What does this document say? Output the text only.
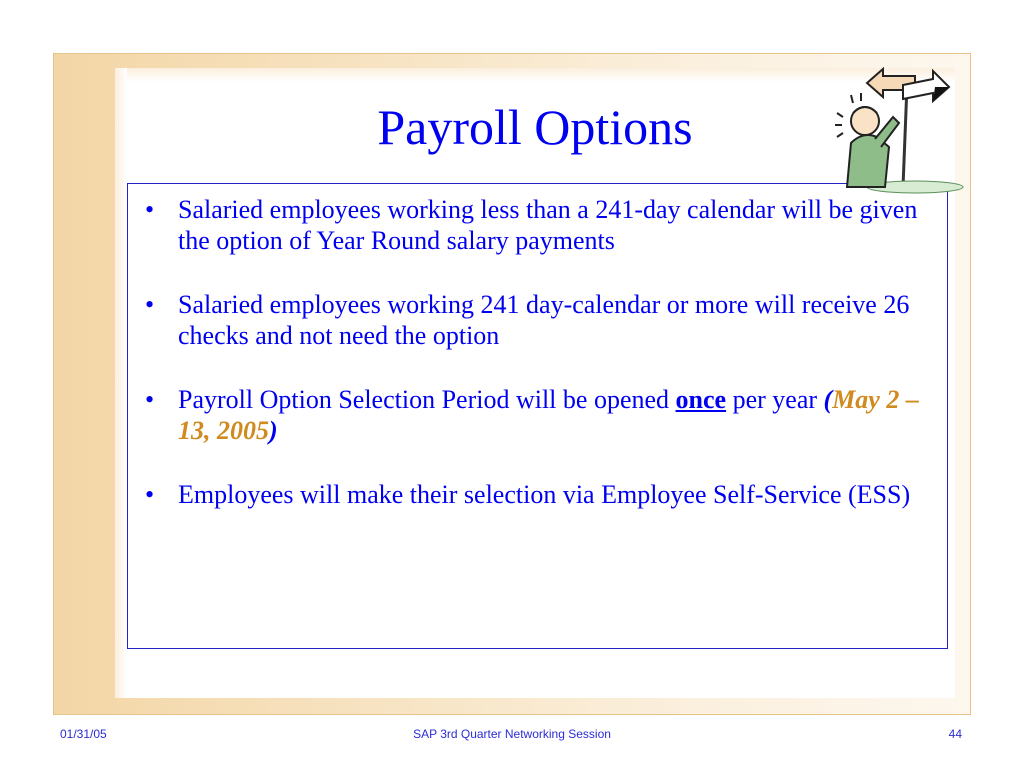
Payroll Options
• Salaried employees working less than a 241-day calendar will be given the option of Year Round salary payments
• Salaried employees working 241 day-calendar or more will receive 26 checks and not need the option
• Payroll Option Selection Period will be opened once per year (May 2 – 13, 2005)
• Employees will make their selection via Employee Self-Service (ESS)
01/31/05	SAP 3rd Quarter Networking Session	44
